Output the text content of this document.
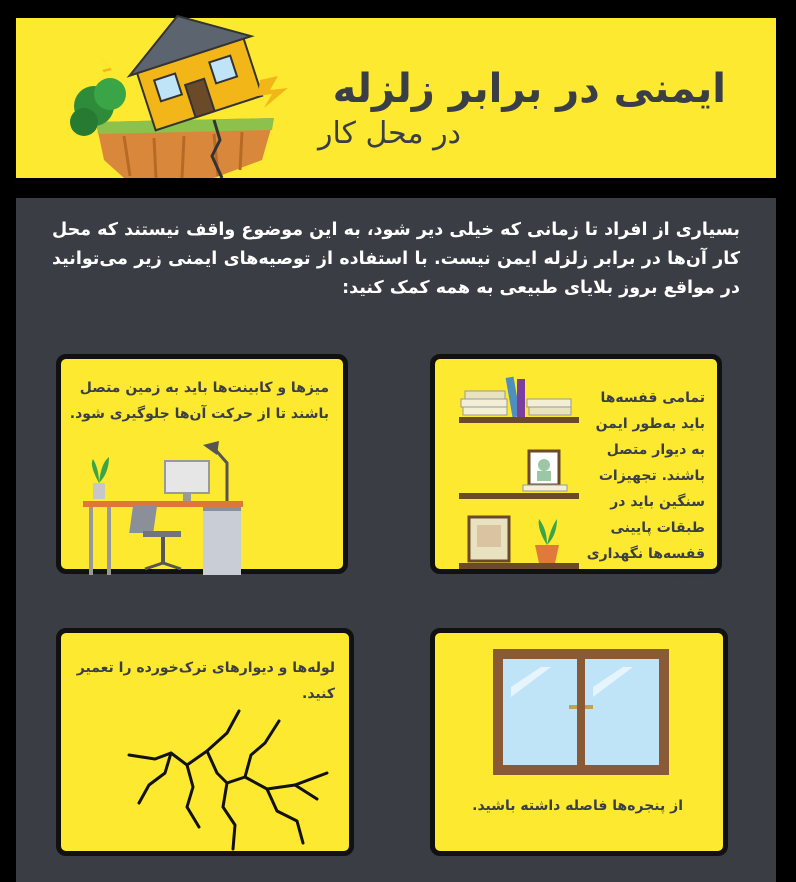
ایمنی در برابر زلزله
در محل کار

بسیاری از افراد تا زمانی که خیلی دیر شود، به این موضوع واقف نیستند که محل کار آن‌ها در برابر زلزله ایمن نیست. با استفاده از توصیه‌های ایمنی زیر می‌توانید در مواقع بروز بلایای طبیعی به همه کمک کنید:

تمامی قفسه‌ها باید به‌طور ایمن به دیوار متصل باشند. تجهیزات سنگین باید در طبقات پایینی قفسه‌ها نگهداری شوند.

میزها و کابینت‌ها باید به زمین متصل باشند تا از حرکت آن‌ها جلوگیری شود.

از پنجره‌ها فاصله داشته باشید.

لوله‌ها و دیوارهای ترک‌خورده را تعمیر کنید.
